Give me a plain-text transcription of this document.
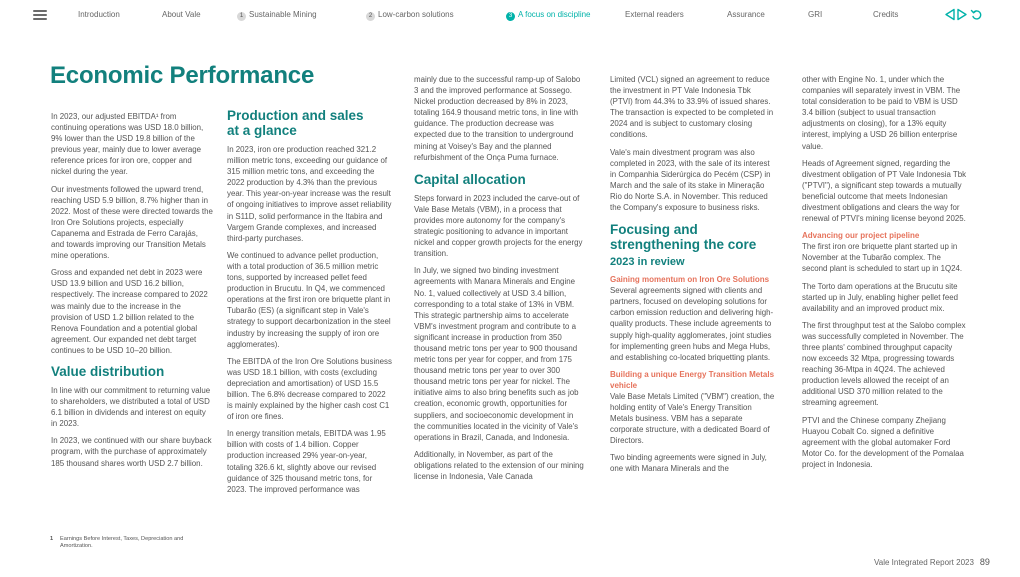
Introduction	About Vale	1 Sustainable Mining	2 Low-carbon solutions	3 A focus on discipline	External readers	Assurance	GRI	Credits
Economic Performance

In 2023, our adjusted EBITDA¹ from continuing operations was USD 18.0 billion, 9% lower than the USD 19.8 billion of the previous year, mainly due to lower average reference prices for iron ore, copper and nickel during the year.

Our investments followed the upward trend, reaching USD 5.9 billion, 8.7% higher than in 2022. Most of these were directed towards the Iron Ore Solutions projects, especially Capanema and Estrada de Ferro Carajás, and towards improving our Transition Metals mine operations.

Gross and expanded net debt in 2023 were USD 13.9 billion and USD 16.2 billion, respectively. The increase compared to 2022 was mainly due to the increase in the provision of USD 1.2 billion related to the Renova Foundation and a potential global agreement. Our expanded net debt target continues to be USD 10–20 billion.

Value distribution

In line with our commitment to returning value to shareholders, we distributed a total of USD 6.1 billion in dividends and interest on equity in 2023.

In 2023, we continued with our share buyback program, with the purchase of approximately 185 thousand shares worth USD 2.7 billion.

1	Earnings Before Interest, Taxes, Depreciation and Amortization.
Production and sales at a glance

In 2023, iron ore production reached 321.2 million metric tons, exceeding our guidance of 315 million metric tons, and exceeding the 2022 production by 4.3% than the previous year. This year-on-year increase was the result of ongoing initiatives to improve asset reliability in S11D, solid performance in the Itabira and Vargem Grande complexes, and increased third-party purchases.

We continued to advance pellet production, with a total production of 36.5 million metric tons, supported by increased pellet feed production in Brucutu. In Q4, we commenced operations at the first iron ore briquette plant in Tubarão (ES) (a significant step in Vale's strategy to support decarbonization in the steel industry by increasing the supply of iron ore agglomerates).

The EBITDA of the Iron Ore Solutions business was USD 18.1 billion, with costs (excluding depreciation and amortisation) of USD 15.5 billion. The 6.8% decrease compared to 2022 is mainly explained by the higher cash cost C1 of iron ore fines.

In energy transition metals, EBITDA was 1.95 billion with costs of 1.4 billion. Copper production increased 29% year-on-year, totaling 326.6 kt, slightly above our revised guidance of 325 thousand metric tons, for 2023. The improved performance was

mainly due to the successful ramp-up of Salobo 3 and the improved performance at Sossego. Nickel production decreased by 8% in 2023, totaling 164.9 thousand metric tons, in line with guidance. The production decrease was expected due to the transition to underground mining at Voisey's Bay and the planned refurbishment of the Onça Puma furnace.

Capital allocation

Steps forward in 2023 included the carve-out of Vale Base Metals (VBM), in a process that provides more autonomy for the company's strategic positioning to advance in important nickel and copper growth projects for the energy transition.

In July, we signed two binding investment agreements with Manara Minerals and Engine No. 1, valued collectively at USD 3.4 billion, corresponding to a total stake of 13% in VBM. This strategic partnership aims to accelerate VBM's investment program and contribute to a significant increase in production from 350 thousand metric tons per year to 900 thousand metric tons per year for copper, and from 175 thousand metric tons per year to over 300 thousand metric tons per year for nickel. The initiative aims to also bring benefits such as job creation, economic growth, opportunities for suppliers, and socioeconomic development in the communities located in the vicinity of Vale's operations in Brazil, Canada, and Indonesia.

Additionally, in November, as part of the obligations related to the extension of our mining license in Indonesia, Vale Canada

Limited (VCL) signed an agreement to reduce the investment in PT Vale Indonesia Tbk (PTVI) from 44.3% to 33.9% of issued shares. The transaction is expected to be completed in 2024 and is subject to customary closing conditions.

Vale's main divestment program was also completed in 2023, with the sale of its interest in Companhia Siderúrgica do Pecém (CSP) in March and the sale of its stake in Mineração Rio do Norte S.A. in November. This reduced the Company's exposure to business risks.

Focusing and strengthening the core
2023 in review
Gaining momentum on Iron Ore Solutions

Several agreements signed with clients and partners, focused on developing solutions for carbon emission reduction and delivering high-quality products. These include agreements to supply high-quality agglomerates, joint studies for implementing green hubs and Mega Hubs, and establishing co-located briquetting plants.

Building a unique Energy Transition Metals vehicle

Vale Base Metals Limited ("VBM") creation, the holding entity of Vale's Energy Transition Metals business. VBM has a separate corporate structure, with a dedicated Board of Directors.

Two binding agreements were signed in July, one with Manara Minerals and the

other with Engine No. 1, under which the companies will separately invest in VBM. The total consideration to be paid to VBM is USD 3.4 billion (subject to usual transaction adjustments on closing), for a 13% equity interest, implying a USD 26 billion enterprise value.

Heads of Agreement signed, regarding the divestment obligation of PT Vale Indonesia Tbk ("PTVI"), a significant step towards a mutually beneficial outcome that meets Indonesian divestment obligations and clears the way for renewal of PTVI's mining license beyond 2025.

Advancing our project pipeline

The first iron ore briquette plant started up in November at the Tubarão complex. The second plant is scheduled to start up in 1Q24.

The Torto dam operations at the Brucutu site started up in July, enabling higher pellet feed availability and an improved product mix.

The first throughput test at the Salobo complex was successfully completed in November. The three plants' combined throughput capacity now exceeds 32 Mtpa, progressing towards reaching 36-Mtpa in 4Q24. The achieved production levels allowed the receipt of an additional USD 370 million related to the streaming agreement.

PTVI and the Chinese company Zhejiang Huayou Cobalt Co. signed a definitive agreement with the global automaker Ford Motor Co. for the development of the Pomalaa project in Indonesia.

Vale Integrated Report 2023 89
